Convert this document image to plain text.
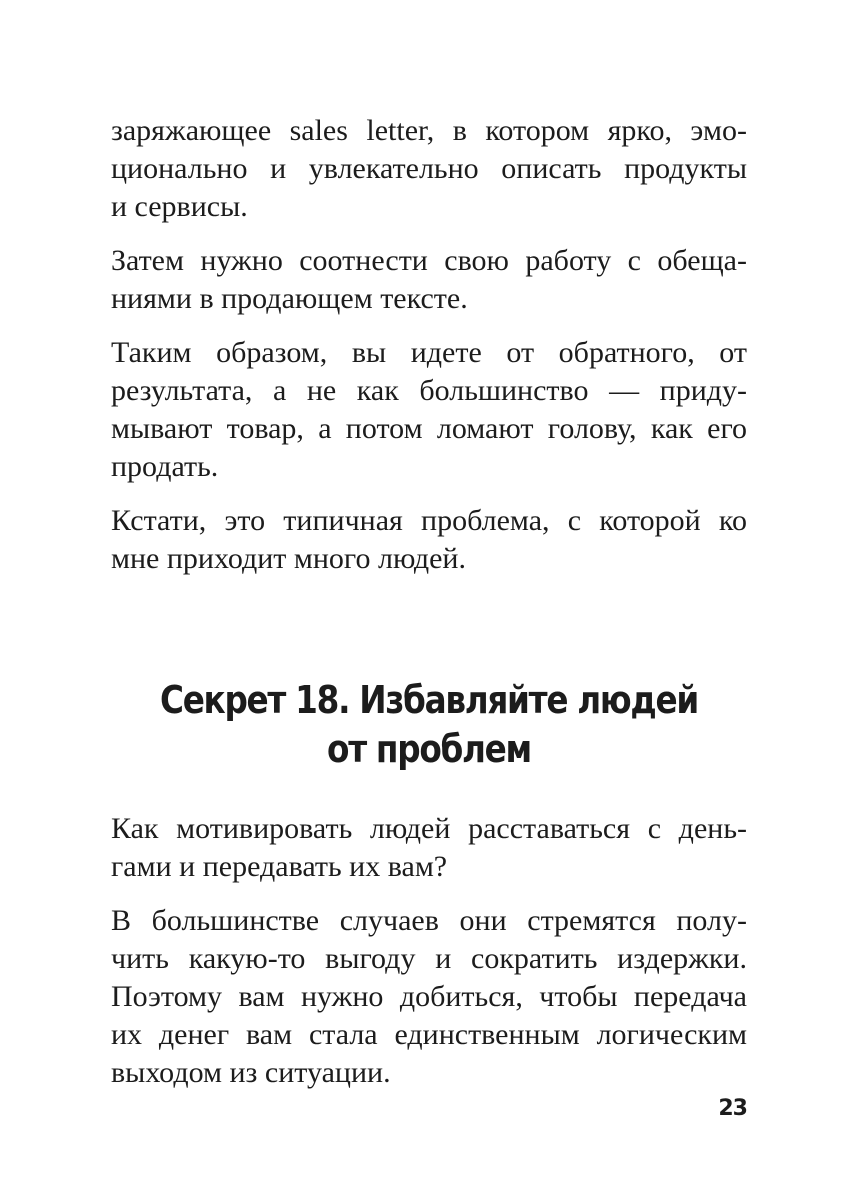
заряжающее sales letter, в котором ярко, эмо-
ционально и увлекательно описать продукты
и сервисы.

Затем нужно соотнести свою работу с обеща-
ниями в продающем тексте.

Таким образом, вы идете от обратного, от
результата, а не как большинство — приду-
мывают товар, а потом ломают голову, как его
продать.

Кстати, это типичная проблема, с которой ко
мне приходит много людей.

Секрет 18. Избавляйте людей
от проблем

Как мотивировать людей расставаться с день-
гами и передавать их вам?

В большинстве случаев они стремятся полу-
чить какую-то выгоду и сократить издержки.
Поэтому вам нужно добиться, чтобы передача
их денег вам стала единственным логическим
выходом из ситуации.

23
